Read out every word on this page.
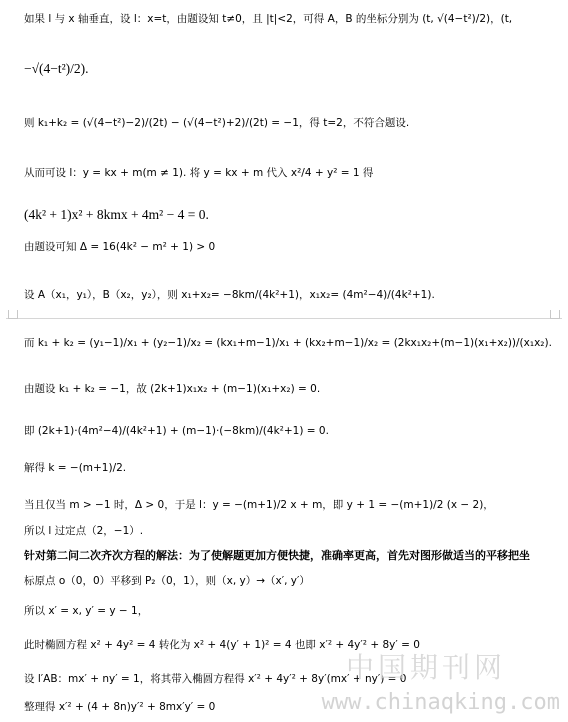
如果 l 与 x 轴垂直，设 l：x=t，由题设知 t≠0，且 |t|<2，可得 A，B 的坐标分别为 (t, √(4−t²)/2)，(t,
−√(4−t²)/2).
则 k₁+k₂ = (√(4−t²)−2)/(2t) − (√(4−t²)+2)/(2t) = −1，得 t=2，不符合题设.
从而可设 l：y = kx + m(m ≠ 1). 将 y = kx + m 代入 x²/4 + y² = 1 得
(4k² + 1)x² + 8kmx + 4m² − 4 = 0.
由题设可知 Δ = 16(4k² − m² + 1) > 0
设 A（x₁，y₁），B（x₂，y₂），则 x₁+x₂= −8km/(4k²+1)，x₁x₂= (4m²−4)/(4k²+1).
而 k₁ + k₂ = (y₁−1)/x₁ + (y₂−1)/x₂ = (kx₁+m−1)/x₁ + (kx₂+m−1)/x₂ = (2kx₁x₂+(m−1)(x₁+x₂))/(x₁x₂).
由题设 k₁ + k₂ = −1，故 (2k+1)x₁x₂ + (m−1)(x₁+x₂) = 0.
即 (2k+1)·(4m²−4)/(4k²+1) + (m−1)·(−8km)/(4k²+1) = 0.
解得 k = −(m+1)/2.
当且仅当 m > −1 时，Δ > 0，于是 l：y = −(m+1)/2 x + m，即 y + 1 = −(m+1)/2 (x − 2)，
所以 l 过定点（2，−1）.
针对第二问二次齐次方程的解法：为了使解题更加方便快捷，准确率更高，首先对图形做适当的平移把坐
标原点 o（0，0）平移到 P₂（0，1），则（x, y）→（x′, y′）
所以 x′ = x, y′ = y − 1，
此时椭圆方程 x² + 4y² = 4 转化为 x² + 4(y′ + 1)² = 4 也即 x′² + 4y′² + 8y′ = 0
设 l′AB：mx′ + ny′ = 1，将其带入椭圆方程得 x′² + 4y′² + 8y′(mx′ + ny′) = 0
整理得 x′² + (4 + 8n)y′² + 8mx′y′ = 0
中国期刊网
www.chinaqking.com
